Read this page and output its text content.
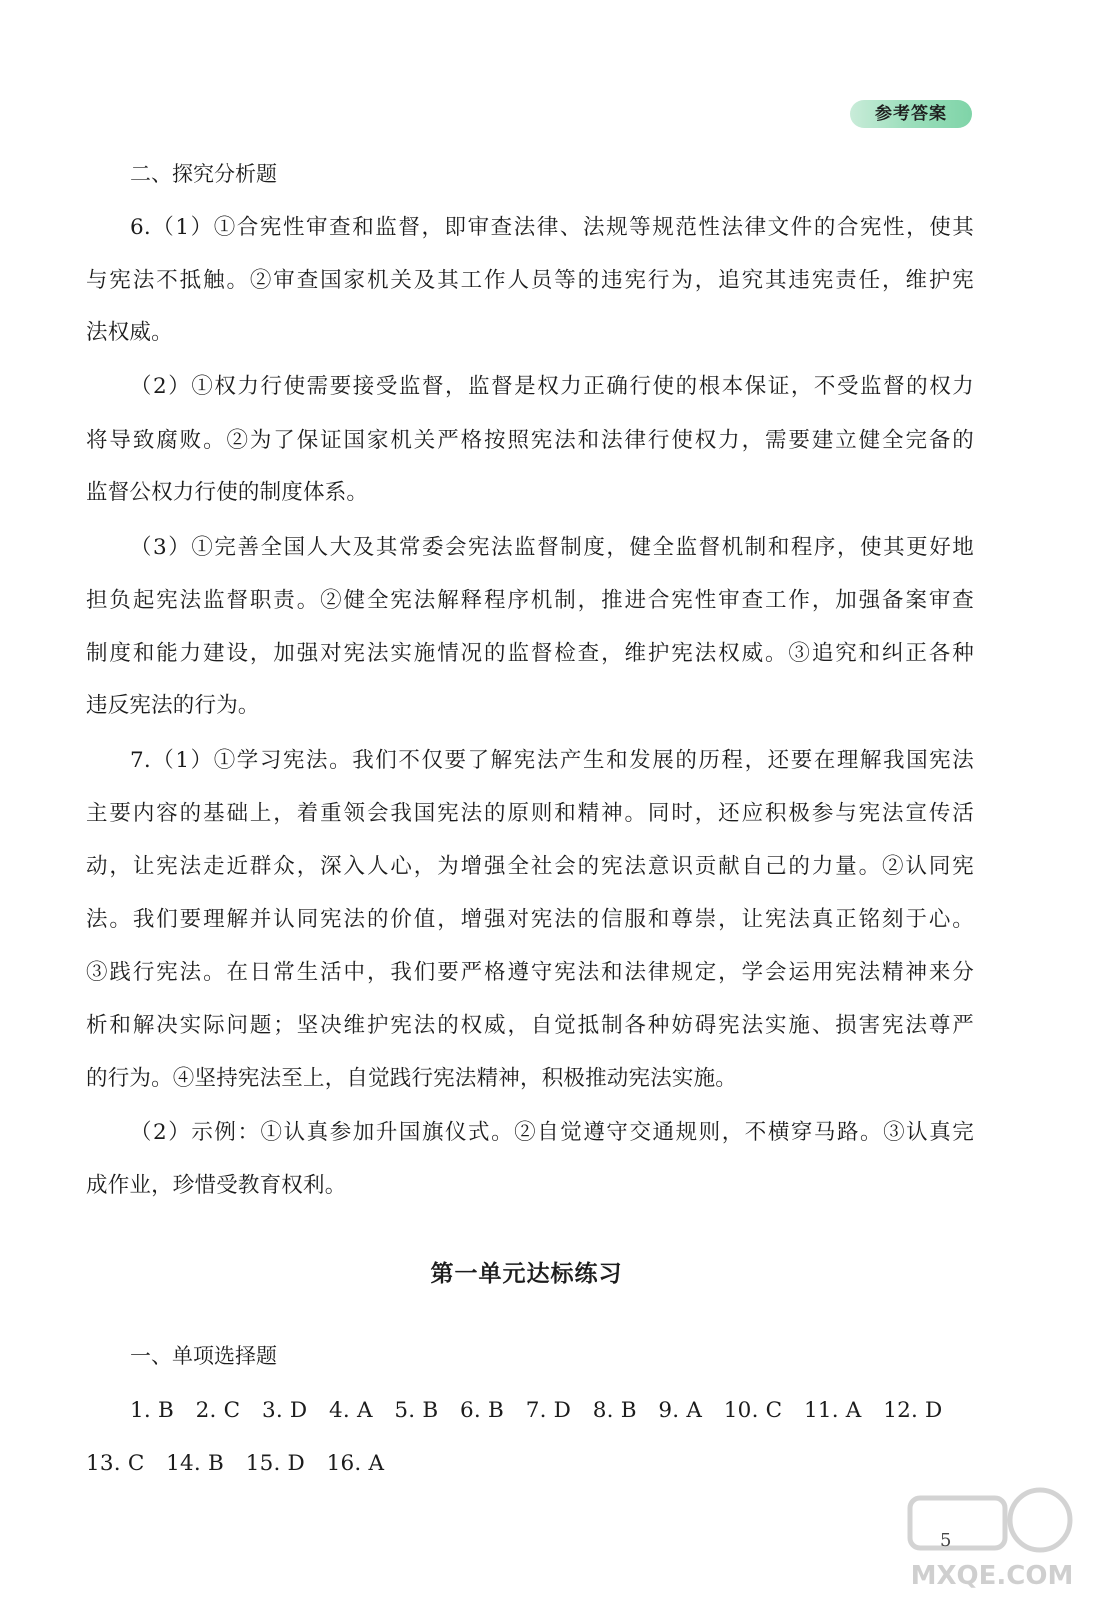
参考答案
二、探究分析题
6.（1）①合宪性审查和监督，即审查法律、法规等规范性法律文件的合宪性，使其
与宪法不抵触。②审查国家机关及其工作人员等的违宪行为，追究其违宪责任，维护宪
法权威。
（2）①权力行使需要接受监督，监督是权力正确行使的根本保证，不受监督的权力
将导致腐败。②为了保证国家机关严格按照宪法和法律行使权力，需要建立健全完备的
监督公权力行使的制度体系。
（3）①完善全国人大及其常委会宪法监督制度，健全监督机制和程序，使其更好地
担负起宪法监督职责。②健全宪法解释程序机制，推进合宪性审查工作，加强备案审查
制度和能力建设，加强对宪法实施情况的监督检查，维护宪法权威。③追究和纠正各种
违反宪法的行为。
7.（1）①学习宪法。我们不仅要了解宪法产生和发展的历程，还要在理解我国宪法
主要内容的基础上，着重领会我国宪法的原则和精神。同时，还应积极参与宪法宣传活
动，让宪法走近群众，深入人心，为增强全社会的宪法意识贡献自己的力量。②认同宪
法。我们要理解并认同宪法的价值，增强对宪法的信服和尊崇，让宪法真正铭刻于心。
③践行宪法。在日常生活中，我们要严格遵守宪法和法律规定，学会运用宪法精神来分
析和解决实际问题；坚决维护宪法的权威，自觉抵制各种妨碍宪法实施、损害宪法尊严
的行为。④坚持宪法至上，自觉践行宪法精神，积极推动宪法实施。
（2）示例：①认真参加升国旗仪式。②自觉遵守交通规则，不横穿马路。③认真完
成作业，珍惜受教育权利。
第一单元达标练习
一、单项选择题
1. B　2. C　3. D　4. A　5. B　6. B　7. D　8. B　9. A　10. C　11. A　12. D
13. C　14. B　15. D　16. A
MXQE.COM
5
